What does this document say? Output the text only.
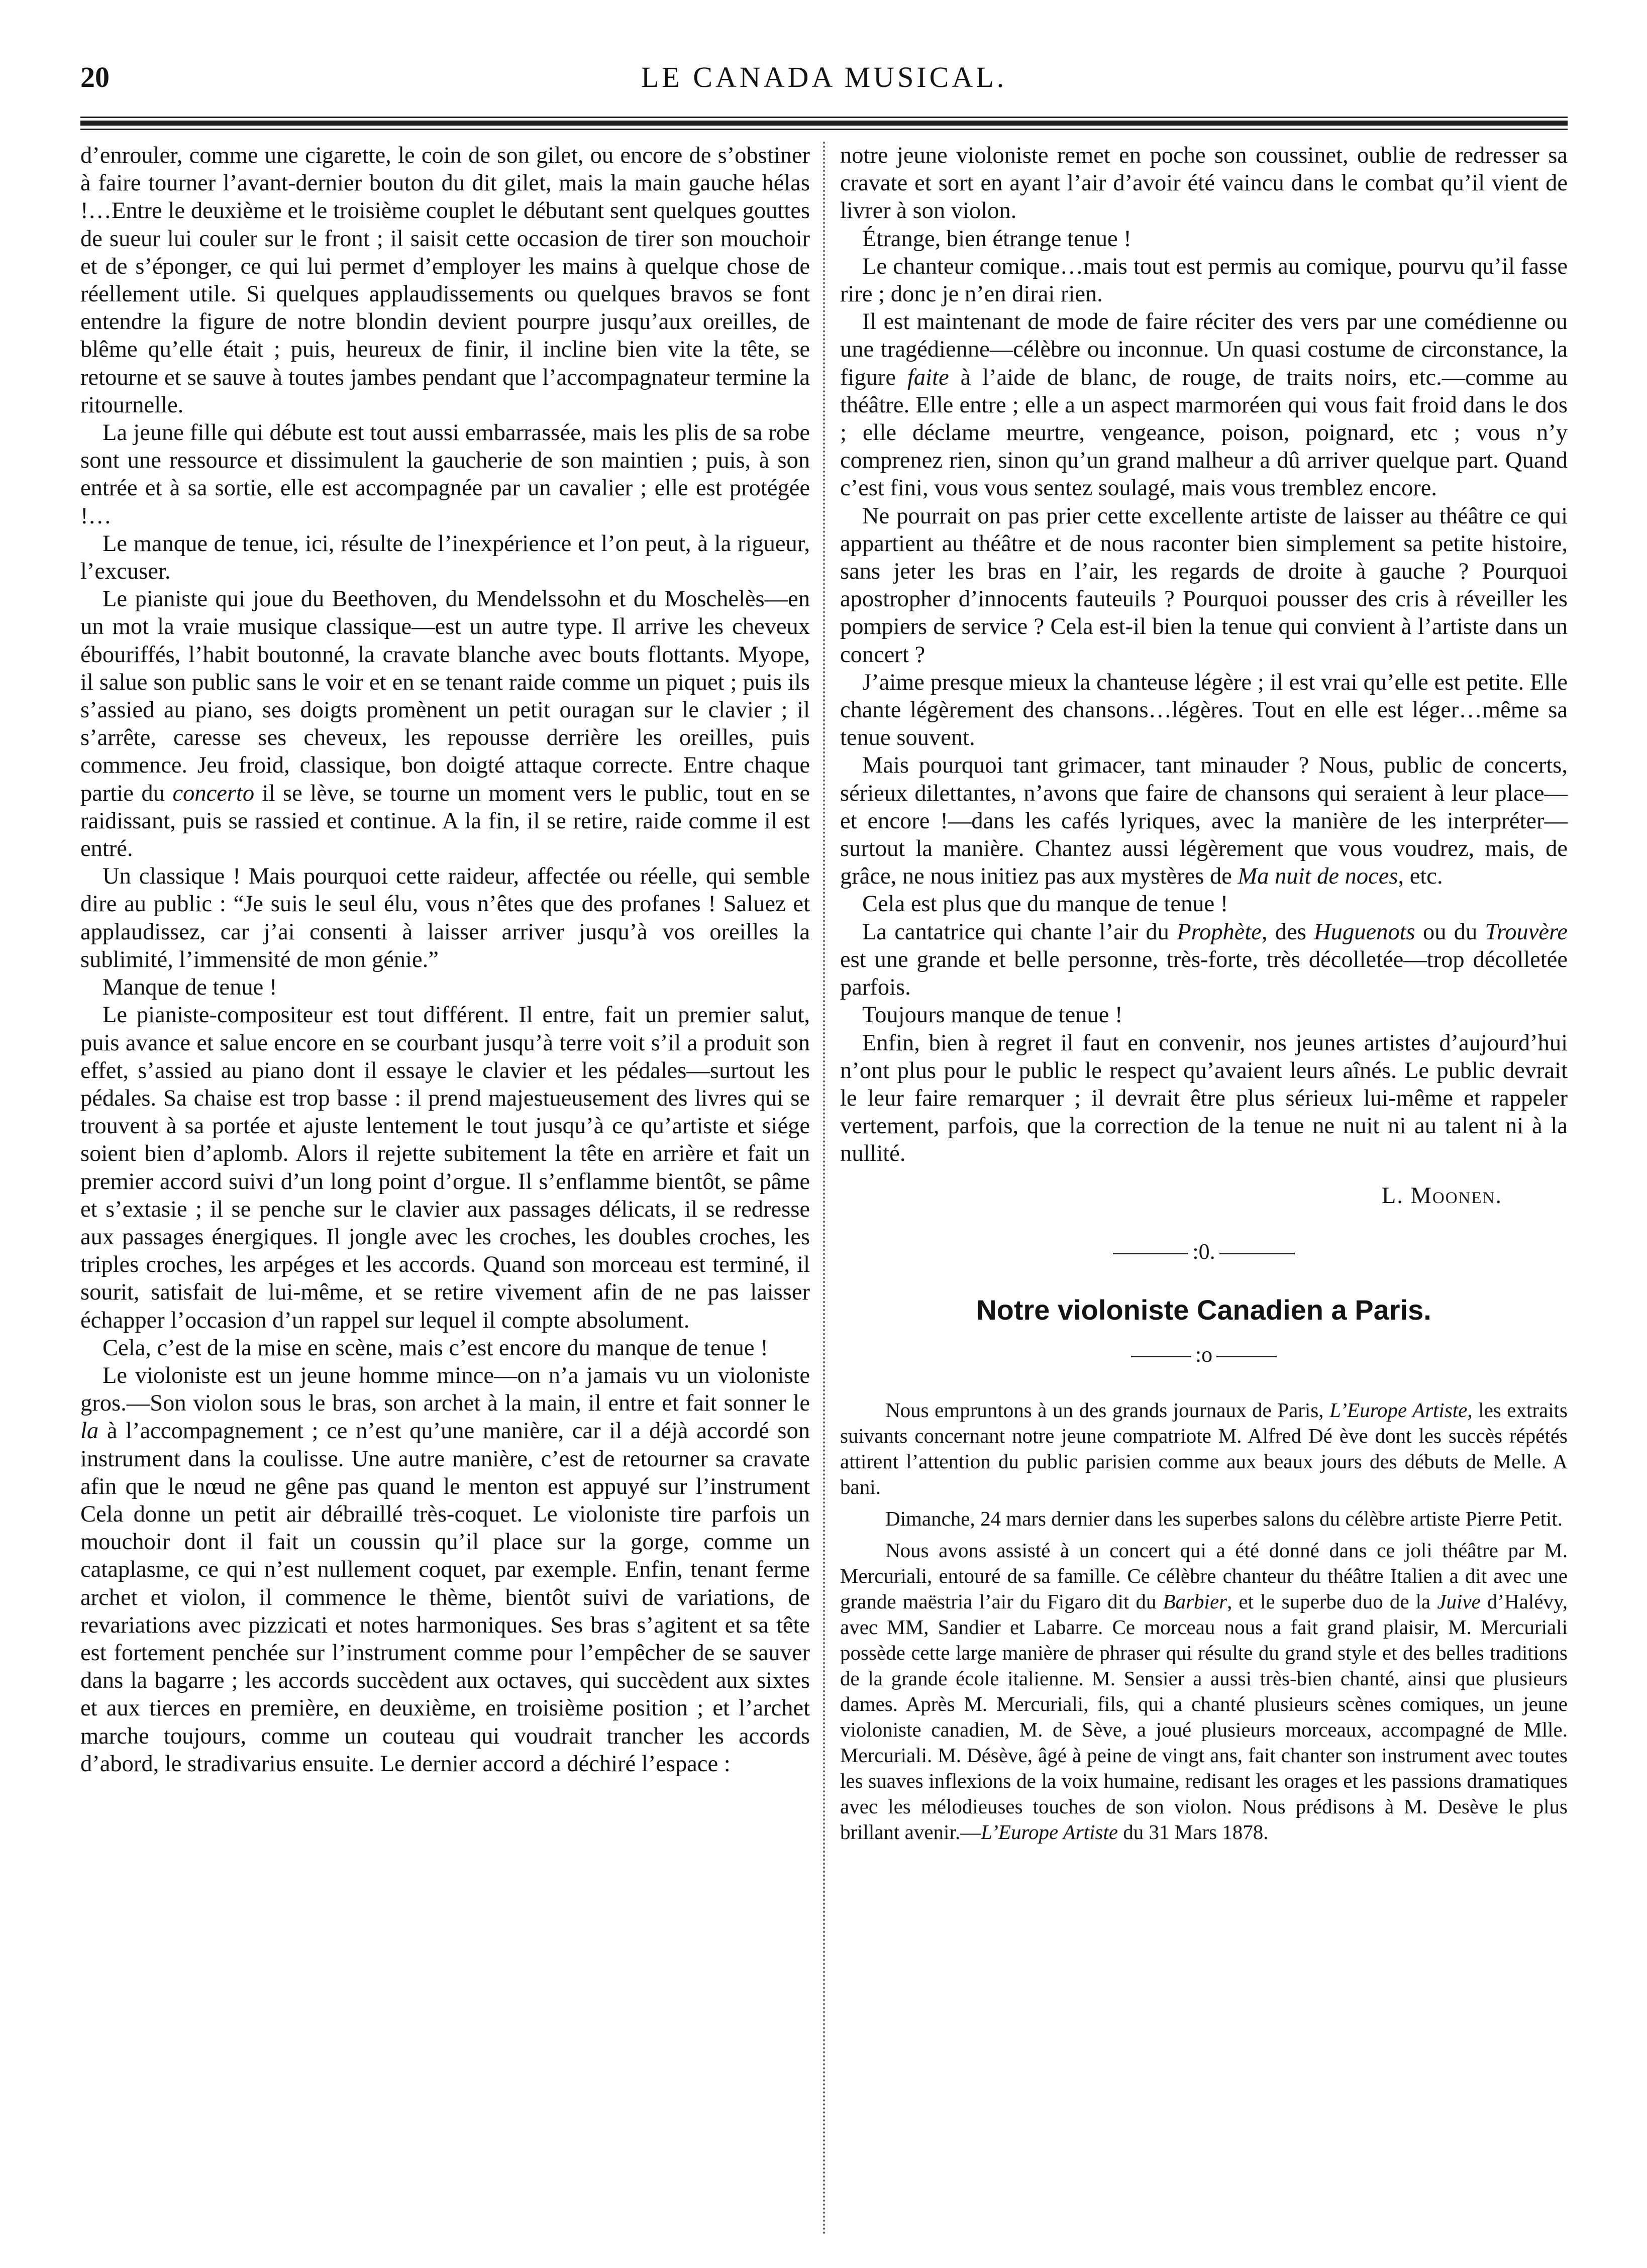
20	LE CANADA MUSICAL.

d’enrouler, comme une cigarette, le coin de son gilet, ou encore de s’obstiner à faire tourner l’avant-dernier bouton du dit gilet, mais la main gauche hélas !…Entre le deuxième et le troisième couplet le débutant sent quelques gouttes de sueur lui couler sur le front ; il saisit cette occasion de tirer son mouchoir et de s’éponger, ce qui lui permet d’employer les mains à quelque chose de réellement utile. Si quelques applaudissements ou quelques bravos se font entendre la figure de notre blondin devient pourpre jusqu’aux oreilles, de blême qu’elle était ; puis, heureux de finir, il incline bien vite la tête, se retourne et se sauve à toutes jambes pendant que l’accompagnateur termine la ritournelle.

La jeune fille qui débute est tout aussi embarrassée, mais les plis de sa robe sont une ressource et dissimulent la gaucherie de son maintien ; puis, à son entrée et à sa sortie, elle est accompagnée par un cavalier ; elle est protégée !…

Le manque de tenue, ici, résulte de l’inexpérience et l’on peut, à la rigueur, l’excuser.

Le pianiste qui joue du Beethoven, du Mendelssohn et du Moschelès—en un mot la vraie musique classique—est un autre type. Il arrive les cheveux ébouriffés, l’habit boutonné, la cravate blanche avec bouts flottants. Myope, il salue son public sans le voir et en se tenant raide comme un piquet ; puis ils s’assied au piano, ses doigts promènent un petit ouragan sur le clavier ; il s’arrête, caresse ses cheveux, les repousse derrière les oreilles, puis commence. Jeu froid, classique, bon doigté attaque correcte. Entre chaque partie du concerto il se lève, se tourne un moment vers le public, tout en se raidissant, puis se rassied et continue. A la fin, il se retire, raide comme il est entré.

Un classique ! Mais pourquoi cette raideur, affectée ou réelle, qui semble dire au public : “Je suis le seul élu, vous n’êtes que des profanes ! Saluez et applaudissez, car j’ai consenti à laisser arriver jusqu’à vos oreilles la sublimité, l’immensité de mon génie.”

Manque de tenue !

Le pianiste-compositeur est tout différent. Il entre, fait un premier salut, puis avance et salue encore en se courbant jusqu’à terre voit s’il a produit son effet, s’assied au piano dont il essaye le clavier et les pédales—surtout les pédales. Sa chaise est trop basse : il prend majestueusement des livres qui se trouvent à sa portée et ajuste lentement le tout jusqu’à ce qu’artiste et siége soient bien d’aplomb. Alors il rejette subitement la tête en arrière et fait un premier accord suivi d’un long point d’orgue. Il s’enflamme bientôt, se pâme et s’extasie ; il se penche sur le clavier aux passages délicats, il se redresse aux passages énergiques. Il jongle avec les croches, les doubles croches, les triples croches, les arpéges et les accords. Quand son morceau est terminé, il sourit, satisfait de lui-même, et se retire vivement afin de ne pas laisser échapper l’occasion d’un rappel sur lequel il compte absolument.

Cela, c’est de la mise en scène, mais c’est encore du manque de tenue !

Le violoniste est un jeune homme mince—on n’a jamais vu un violoniste gros.—Son violon sous le bras, son archet à la main, il entre et fait sonner le la à l’accompagnement ; ce n’est qu’une manière, car il a déjà accordé son instrument dans la coulisse. Une autre manière, c’est de retourner sa cravate afin que le nœud ne gêne pas quand le menton est appuyé sur l’instrument Cela donne un petit air débraillé très-coquet. Le violoniste tire parfois un mouchoir dont il fait un coussin qu’il place sur la gorge, comme un cataplasme, ce qui n’est nullement coquet, par exemple. Enfin, tenant ferme archet et violon, il commence le thème, bientôt suivi de variations, de revariations avec pizzicati et notes harmoniques. Ses bras s’agitent et sa tête est fortement penchée sur l’instrument comme pour l’empêcher de se sauver dans la bagarre ; les accords succèdent aux octaves, qui succèdent aux sixtes et aux tierces en première, en deuxième, en troisième position ; et l’archet marche toujours, comme un couteau qui voudrait trancher les accords d’abord, le stradivarius ensuite. Le dernier accord a déchiré l’espace :

notre jeune violoniste remet en poche son coussinet, oublie de redresser sa cravate et sort en ayant l’air d’avoir été vaincu dans le combat qu’il vient de livrer à son violon.

Étrange, bien étrange tenue !

Le chanteur comique…mais tout est permis au comique, pourvu qu’il fasse rire ; donc je n’en dirai rien.

Il est maintenant de mode de faire réciter des vers par une comédienne ou une tragédienne—célèbre ou inconnue. Un quasi costume de circonstance, la figure faite à l’aide de blanc, de rouge, de traits noirs, etc.—comme au théâtre. Elle entre ; elle a un aspect marmoréen qui vous fait froid dans le dos ; elle déclame meurtre, vengeance, poison, poignard, etc ; vous n’y comprenez rien, sinon qu’un grand malheur a dû arriver quelque part. Quand c’est fini, vous vous sentez soulagé, mais vous tremblez encore.

Ne pourrait on pas prier cette excellente artiste de laisser au théâtre ce qui appartient au théâtre et de nous raconter bien simplement sa petite histoire, sans jeter les bras en l’air, les regards de droite à gauche ? Pourquoi apostropher d’innocents fauteuils ? Pourquoi pousser des cris à réveiller les pompiers de service ? Cela est-il bien la tenue qui convient à l’artiste dans un concert ?

J’aime presque mieux la chanteuse légère ; il est vrai qu’elle est petite. Elle chante légèrement des chansons…légères. Tout en elle est léger…même sa tenue souvent.

Mais pourquoi tant grimacer, tant minauder ? Nous, public de concerts, sérieux dilettantes, n’avons que faire de chansons qui seraient à leur place—et encore !—dans les cafés lyriques, avec la manière de les interpréter—surtout la manière. Chantez aussi légèrement que vous voudrez, mais, de grâce, ne nous initiez pas aux mystères de Ma nuit de noces, etc.

Cela est plus que du manque de tenue !

La cantatrice qui chante l’air du Prophète, des Huguenots ou du Trouvère est une grande et belle personne, très-forte, très décolletée—trop décolletée parfois.

Toujours manque de tenue !

Enfin, bien à regret il faut en convenir, nos jeunes artistes d’aujourd’hui n’ont plus pour le public le respect qu’avaient leurs aînés. Le public devrait le leur faire remarquer ; il devrait être plus sérieux lui-même et rappeler vertement, parfois, que la correction de la tenue ne nuit ni au talent ni à la nullité.

L. Moonen.

:0.

Notre violoniste Canadien a Paris.

:o

Nous empruntons à un des grands journaux de Paris, L’Europe Artiste, les extraits suivants concernant notre jeune compatriote M. Alfred Dé ève dont les succès répétés attirent l’attention du public parisien comme aux beaux jours des débuts de Melle. A bani.

Dimanche, 24 mars dernier dans les superbes salons du célèbre artiste Pierre Petit.

Nous avons assisté à un concert qui a été donné dans ce joli théâtre par M. Mercuriali, entouré de sa famille. Ce célèbre chanteur du théâtre Italien a dit avec une grande maëstria l’air du Figaro dit du Barbier, et le superbe duo de la Juive d’Halévy, avec MM, Sandier et Labarre. Ce morceau nous a fait grand plaisir, M. Mercuriali possède cette large manière de phraser qui résulte du grand style et des belles traditions de la grande école italienne. M. Sensier a aussi très-bien chanté, ainsi que plusieurs dames. Après M. Mercuriali, fils, qui a chanté plusieurs scènes comiques, un jeune violoniste canadien, M. de Sève, a joué plusieurs morceaux, accompagné de Mlle. Mercuriali. M. Désève, âgé à peine de vingt ans, fait chanter son instrument avec toutes les suaves inflexions de la voix humaine, redisant les orages et les passions dramatiques avec les mélodieuses touches de son violon. Nous prédisons à M. Desève le plus brillant avenir.—L’Europe Artiste du 31 Mars 1878.
